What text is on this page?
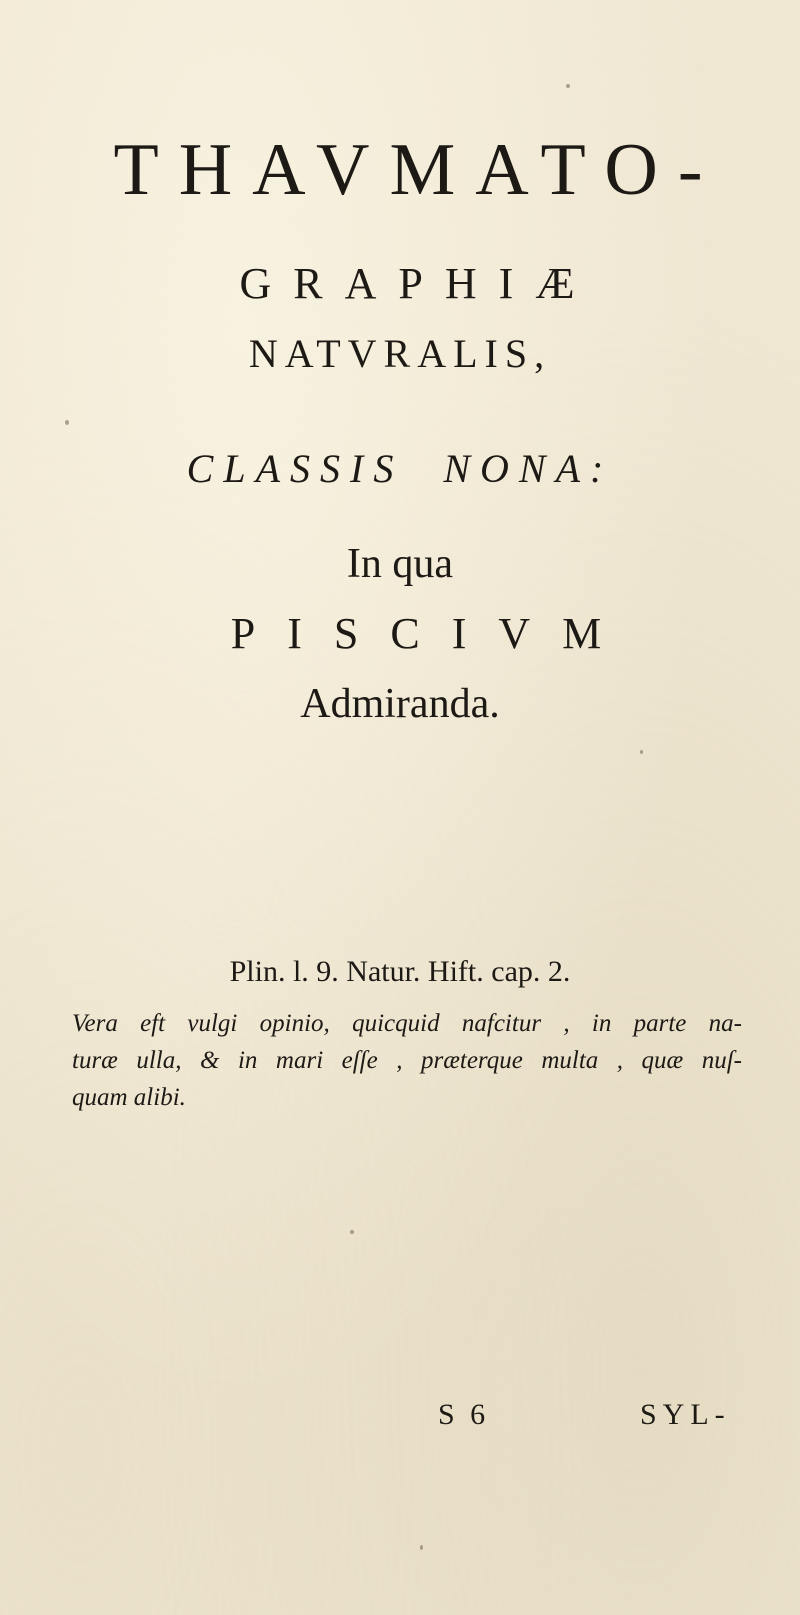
THAVMATO-
GRAPHIÆ
NATVRALIS,
CLASSIS NONA:
In qua
PISCIVM
Admiranda.
Plin. l. 9. Natur. Hift. cap. 2.
Vera eft vulgi opinio, quicquid nafcitur , in parte na-
turæ ulla, & in mari eſſe , præterque multa , quæ nuſ-
quam alibi.
S 6	SYL-
